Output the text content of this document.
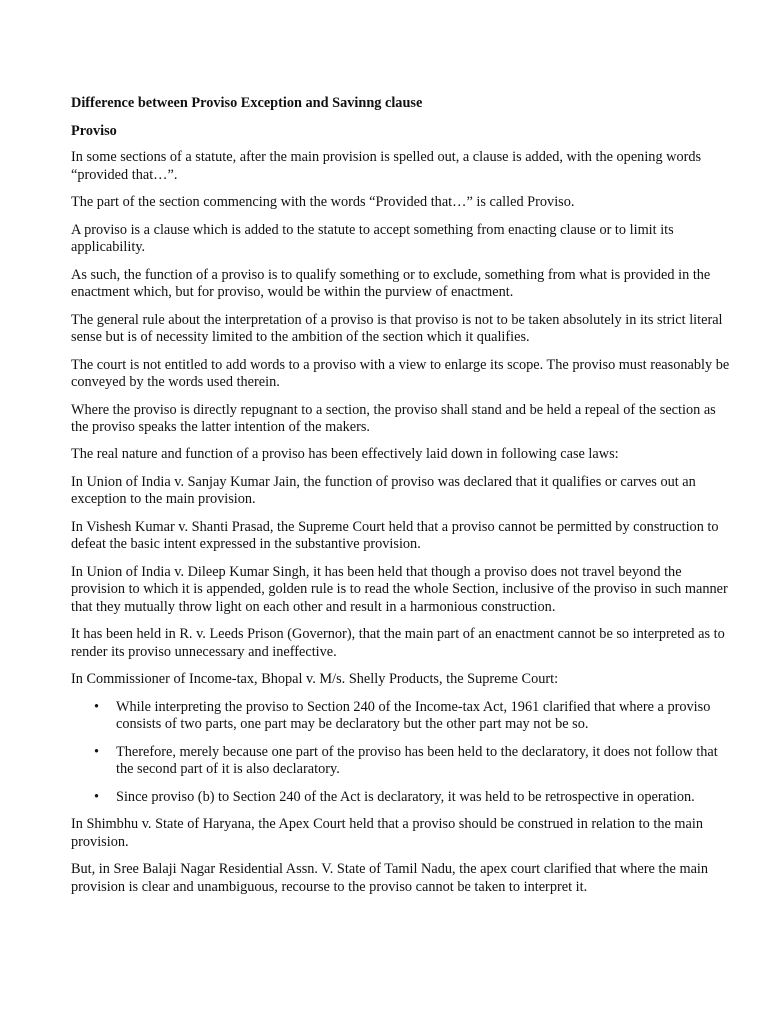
Difference between Proviso Exception and Savinng clause
Proviso

In some sections of a statute, after the main provision is spelled out, a clause is added, with the opening words “provided that…”.

The part of the section commencing with the words “Provided that…” is called Proviso.

A proviso is a clause which is added to the statute to accept something from enacting clause or to limit its applicability.

As such, the function of a proviso is to qualify something or to exclude, something from what is provided in the enactment which, but for proviso, would be within the purview of enactment.

The general rule about the interpretation of a proviso is that proviso is not to be taken absolutely in its strict literal sense but is of necessity limited to the ambition of the section which it qualifies.

The court is not entitled to add words to a proviso with a view to enlarge its scope. The proviso must reasonably be conveyed by the words used therein.

Where the proviso is directly repugnant to a section, the proviso shall stand and be held a repeal of the section as the proviso speaks the latter intention of the makers.

The real nature and function of a proviso has been effectively laid down in following case laws:

In Union of India v. Sanjay Kumar Jain, the function of proviso was declared that it qualifies or carves out an exception to the main provision.

In Vishesh Kumar v. Shanti Prasad, the Supreme Court held that a proviso cannot be permitted by construction to defeat the basic intent expressed in the substantive provision.

In Union of India v. Dileep Kumar Singh, it has been held that though a proviso does not travel beyond the provision to which it is appended, golden rule is to read the whole Section, inclusive of the proviso in such manner that they mutually throw light on each other and result in a harmonious construction.

It has been held in R. v. Leeds Prison (Governor), that the main part of an enactment cannot be so interpreted as to render its proviso unnecessary and ineffective.

In Commissioner of Income-tax, Bhopal v. M/s. Shelly Products, the Supreme Court:

• While interpreting the proviso to Section 240 of the Income-tax Act, 1961 clarified that where a proviso consists of two parts, one part may be declaratory but the other part may not be so.
• Therefore, merely because one part of the proviso has been held to the declaratory, it does not follow that the second part of it is also declaratory.
• Since proviso (b) to Section 240 of the Act is declaratory, it was held to be retrospective in operation.

In Shimbhu v. State of Haryana, the Apex Court held that a proviso should be construed in relation to the main provision.

But, in Sree Balaji Nagar Residential Assn. V. State of Tamil Nadu, the apex court clarified that where the main provision is clear and unambiguous, recourse to the proviso cannot be taken to interpret it.
